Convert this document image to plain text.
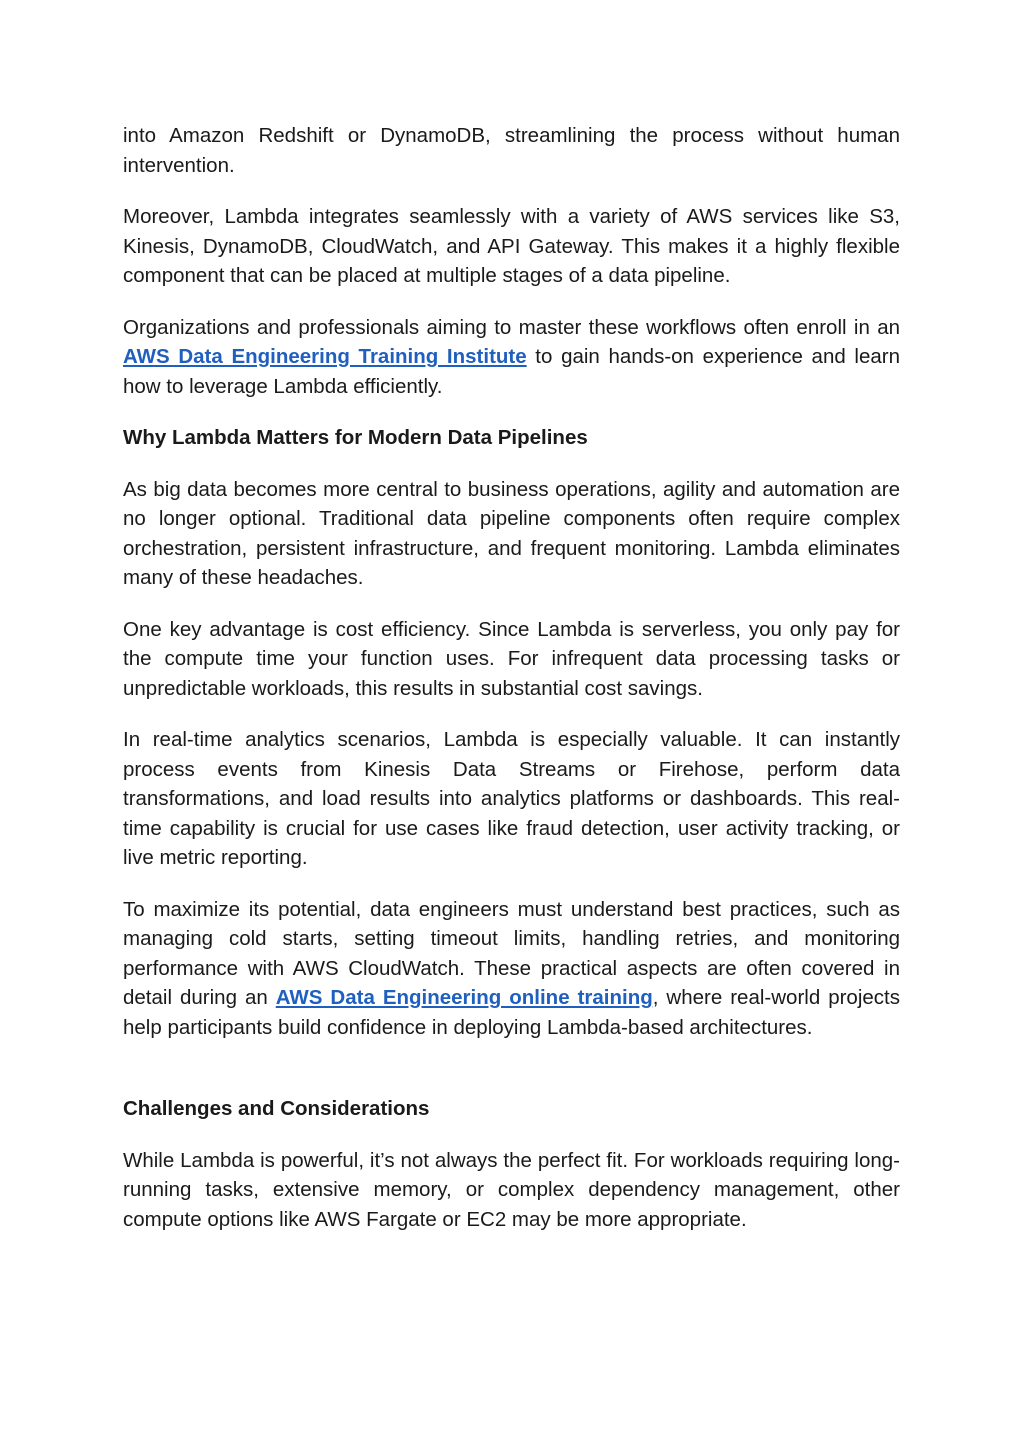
into Amazon Redshift or DynamoDB, streamlining the process without human intervention.

Moreover, Lambda integrates seamlessly with a variety of AWS services like S3, Kinesis, DynamoDB, CloudWatch, and API Gateway. This makes it a highly flexible component that can be placed at multiple stages of a data pipeline.

Organizations and professionals aiming to master these workflows often enroll in an AWS Data Engineering Training Institute to gain hands-on experience and learn how to leverage Lambda efficiently.

Why Lambda Matters for Modern Data Pipelines

As big data becomes more central to business operations, agility and automation are no longer optional. Traditional data pipeline components often require complex orchestration, persistent infrastructure, and frequent monitoring. Lambda eliminates many of these headaches.

One key advantage is cost efficiency. Since Lambda is serverless, you only pay for the compute time your function uses. For infrequent data processing tasks or unpredictable workloads, this results in substantial cost savings.

In real-time analytics scenarios, Lambda is especially valuable. It can instantly process events from Kinesis Data Streams or Firehose, perform data transformations, and load results into analytics platforms or dashboards. This real-time capability is crucial for use cases like fraud detection, user activity tracking, or live metric reporting.

To maximize its potential, data engineers must understand best practices, such as managing cold starts, setting timeout limits, handling retries, and monitoring performance with AWS CloudWatch. These practical aspects are often covered in detail during an AWS Data Engineering online training, where real-world projects help participants build confidence in deploying Lambda-based architectures.

Challenges and Considerations

While Lambda is powerful, it’s not always the perfect fit. For workloads requiring long-running tasks, extensive memory, or complex dependency management, other compute options like AWS Fargate or EC2 may be more appropriate.
